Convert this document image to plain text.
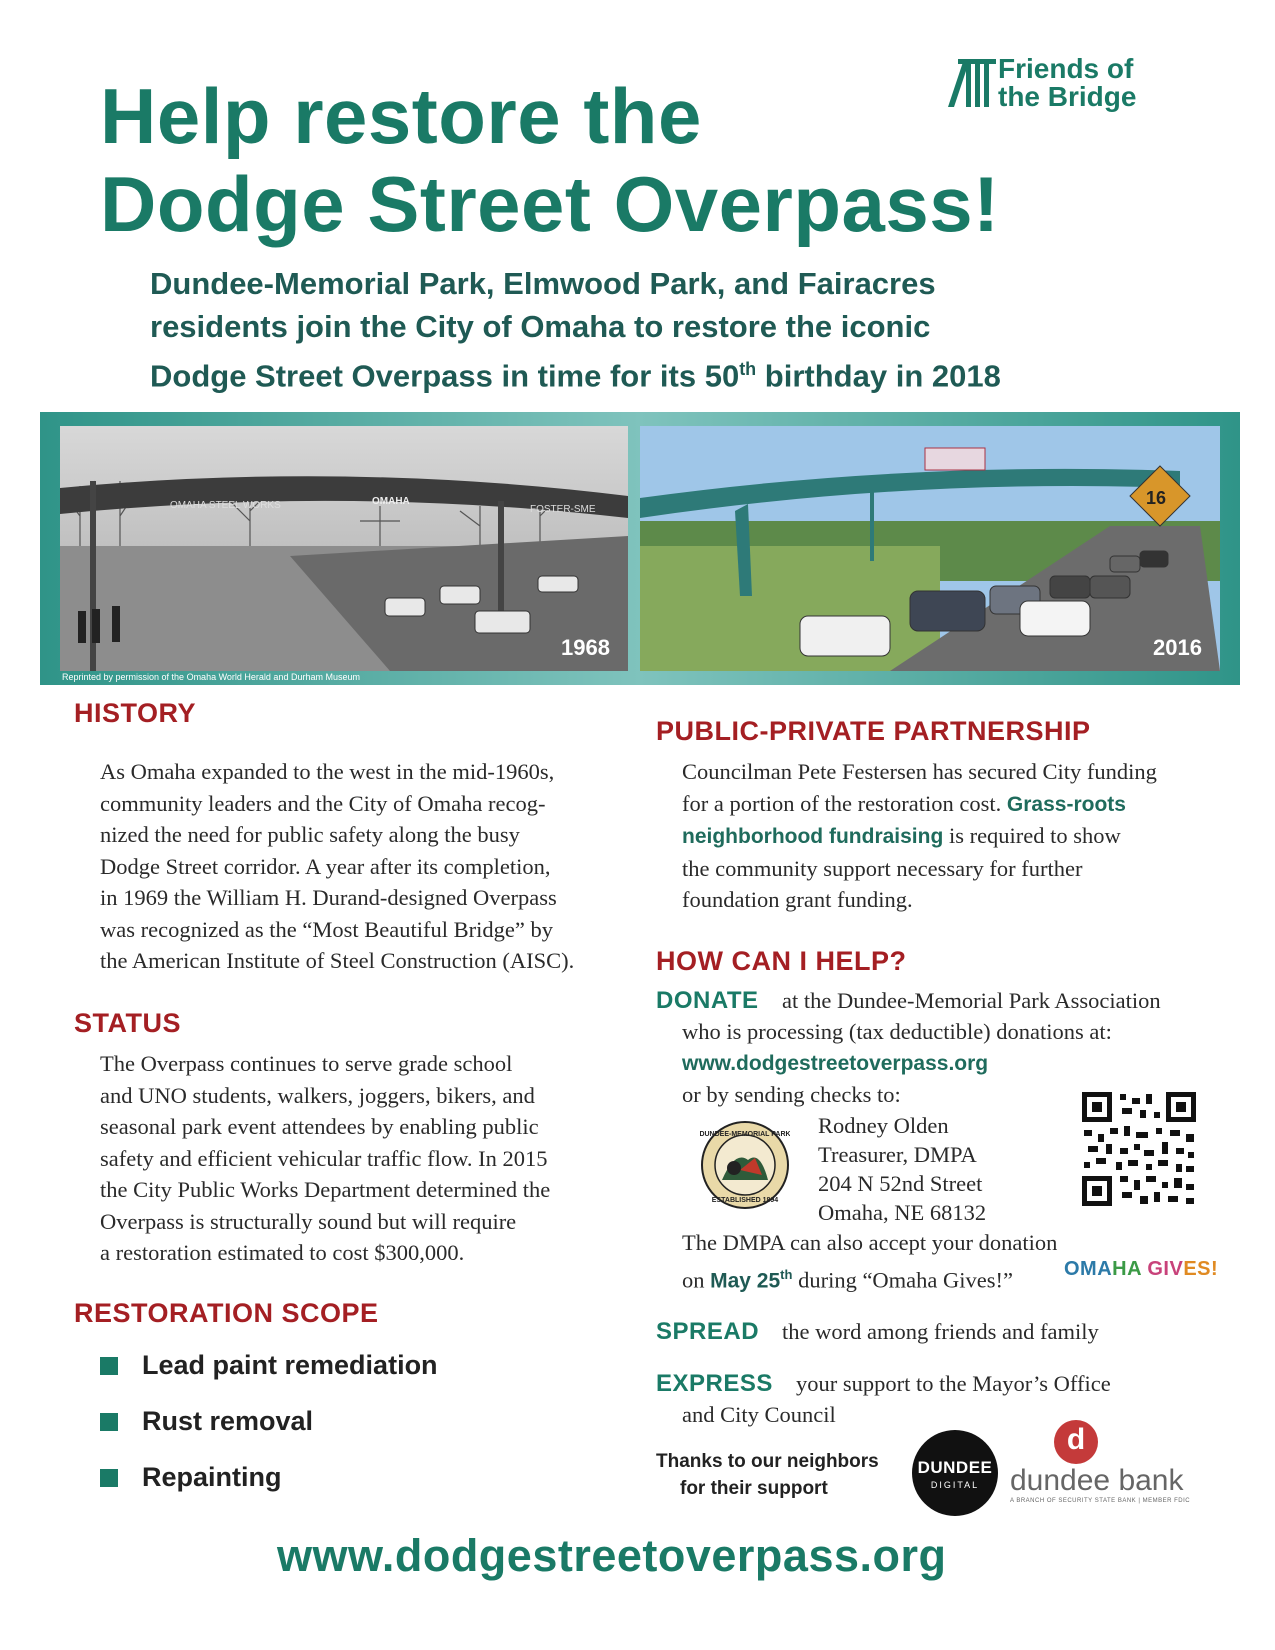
Friends of
the Bridge
Help restore the
Dodge Street Overpass!
Dundee-Memorial Park, Elmwood Park, and Fairacres
residents join the City of Omaha to restore the iconic
Dodge Street Overpass in time for its 50th birthday in 2018
OMAHA STEEL WORKS	OMAHA
FOSTER-SME
1968
16
2016
Reprinted by permission of the Omaha World Herald and Durham Museum
HISTORY
As Omaha expanded to the west in the mid-1960s,
community leaders and the City of Omaha recog-
nized the need for public safety along the busy
Dodge Street corridor. A year after its completion,
in 1969 the William H. Durand-designed Overpass
was recognized as the “Most Beautiful Bridge” by
the American Institute of Steel Construction (AISC).
STATUS
The Overpass continues to serve grade school
and UNO students, walkers, joggers, bikers, and
seasonal park event attendees by enabling public
safety and efficient vehicular traffic flow. In 2015
the City Public Works Department determined the
Overpass is structurally sound but will require
a restoration estimated to cost $300,000.
RESTORATION SCOPE
Lead paint remediation
Rust removal
Repainting
PUBLIC-PRIVATE PARTNERSHIP
Councilman Pete Festersen has secured City funding
for a portion of the restoration cost. Grass-roots
neighborhood fundraising is required to show
the community support necessary for further
foundation grant funding.
HOW CAN I HELP?
DONATE at the Dundee-Memorial Park Association
who is processing (tax deductible) donations at:
www.dodgestreetoverpass.org
or by sending checks to:
DUNDEE-MEMORIAL PARK
ESTABLISHED 1894
Rodney Olden
Treasurer, DMPA
204 N 52nd Street
Omaha, NE 68132
The DMPA can also accept your donation
on May 25th during “Omaha Gives!”	OMAHA GIVES!
SPREAD the word among friends and family
EXPRESS your support to the Mayor’s Office
and City Council
Thanks to our neighbors
for their support
DUNDEE
DIGITAL
d
dundee bank
A BRANCH OF SECURITY STATE BANK | MEMBER FDIC
www.dodgestreetoverpass.org
